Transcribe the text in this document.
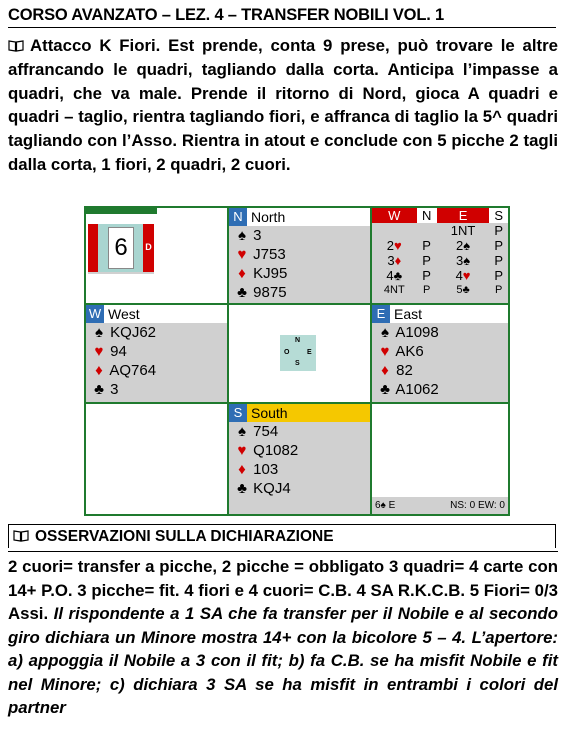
CORSO AVANZATO – LEZ. 4 – TRANSFER NOBILI VOL. 1
Attacco K Fiori. Est prende, conta 9 prese, può trovare le altre affrancando le quadri, tagliando dalla corta. Anticipa l’impasse a quadri, che va male. Prende il ritorno di Nord, gioca A quadri e quadri – taglio, rientra tagliando fiori, e affranca di taglio la 5^ quadri tagliando con l’Asso. Rientra in atout e conclude con 5 picche 2 tagli dalla corta, 1 fiori, 2 quadri, 2 cuori.
6	D
N North
♠ 3
♥ J753
♦ KJ95
♣ 9875
W	N	E	S
		1NT	P
2♥	P	2♠	P
3♦	P	3♠	P
4♣	P	4♥	P
4NT	P	5♣	P
W West
♠ KQJ62
♥ 94
♦ AQ764
♣ 3
N
O	E
S
E East
♠ A1098
♥ AK6
♦ 82
♣ A1062
S South
♠ 754
♥ Q1082
♦ 103
♣ KQJ4
6♠ E	NS: 0 EW: 0
OSSERVAZIONI SULLA DICHIARAZIONE
2 cuori= transfer a picche, 2 picche = obbligato 3 quadri= 4 carte con 14+ P.O. 3 picche= fit. 4 fiori e 4 cuori= C.B. 4 SA R.K.C.B. 5 Fiori= 0/3 Assi. Il rispondente a 1 SA che fa transfer per il Nobile e al secondo giro dichiara un Minore mostra 14+ con la bicolore 5 – 4. L’apertore: a) appoggia il Nobile a 3 con il fit; b) fa C.B. se ha misfit Nobile e fit nel Minore; c) dichiara 3 SA se ha misfit in entrambi i colori del partner
